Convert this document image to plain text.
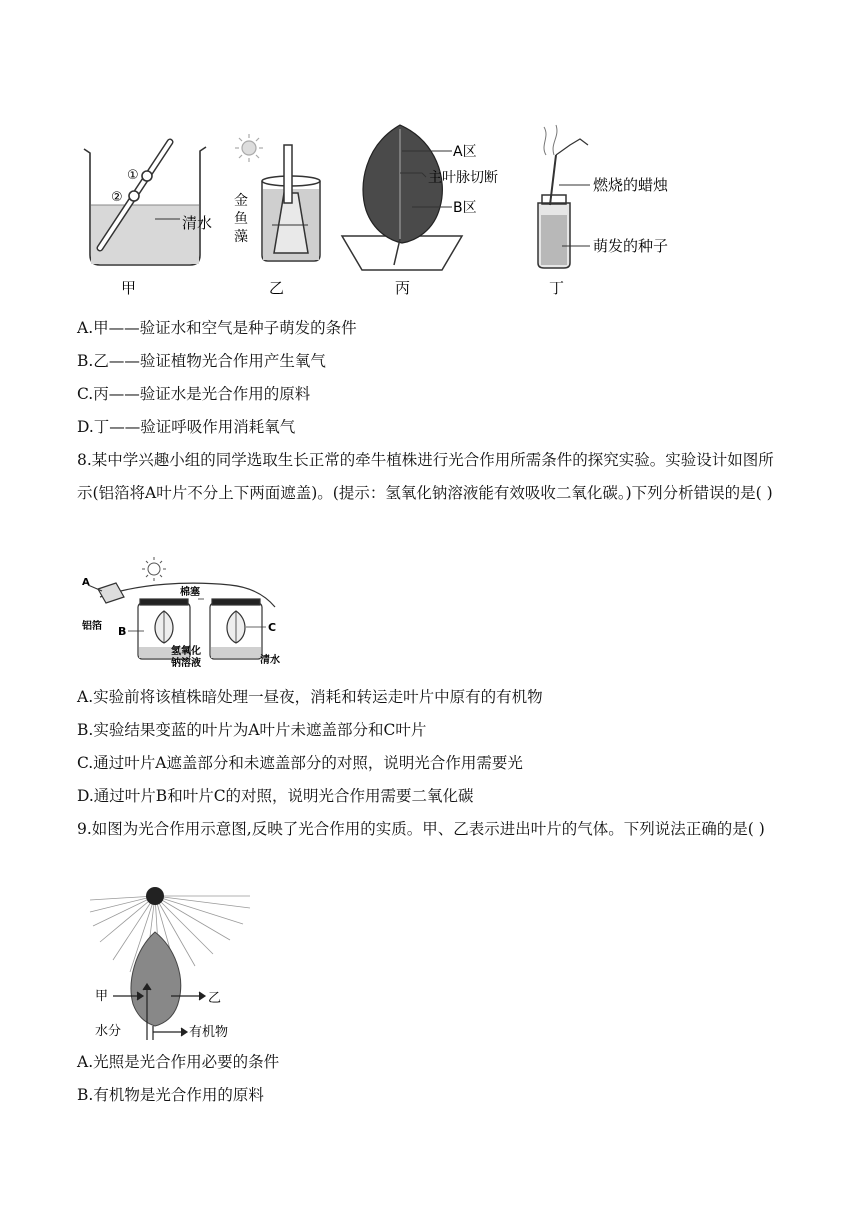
①
②
清水
金
鱼
藻
A区
主叶脉切断
B区
燃烧的蜡烛
萌发的种子
甲	乙	丙	丁
A.甲——验证水和空气是种子萌发的条件
B.乙——验证植物光合作用产生氧气
C.丙——验证水是光合作用的原料
D.丁——验证呼吸作用消耗氧气
8.某中学兴趣小组的同学选取生长正常的牵牛植株进行光合作用所需条件的探究实验。实验设计如图所示(铝箔将A叶片不分上下两面遮盖)。(提示：氢氧化钠溶液能有效吸收二氧化碳。)下列分析错误的是( )
A
铝箔 B
棉塞
氢氧化
钠溶液
C
清水
A.实验前将该植株暗处理一昼夜，消耗和转运走叶片中原有的有机物
B.实验结果变蓝的叶片为A叶片未遮盖部分和C叶片
C.通过叶片A遮盖部分和未遮盖部分的对照，说明光合作用需要光
D.通过叶片B和叶片C的对照，说明光合作用需要二氧化碳
9.如图为光合作用示意图,反映了光合作用的实质。甲、乙表示进出叶片的气体。下列说法正确的是( )
甲	乙
水分	有机物
A.光照是光合作用必要的条件
B.有机物是光合作用的原料
